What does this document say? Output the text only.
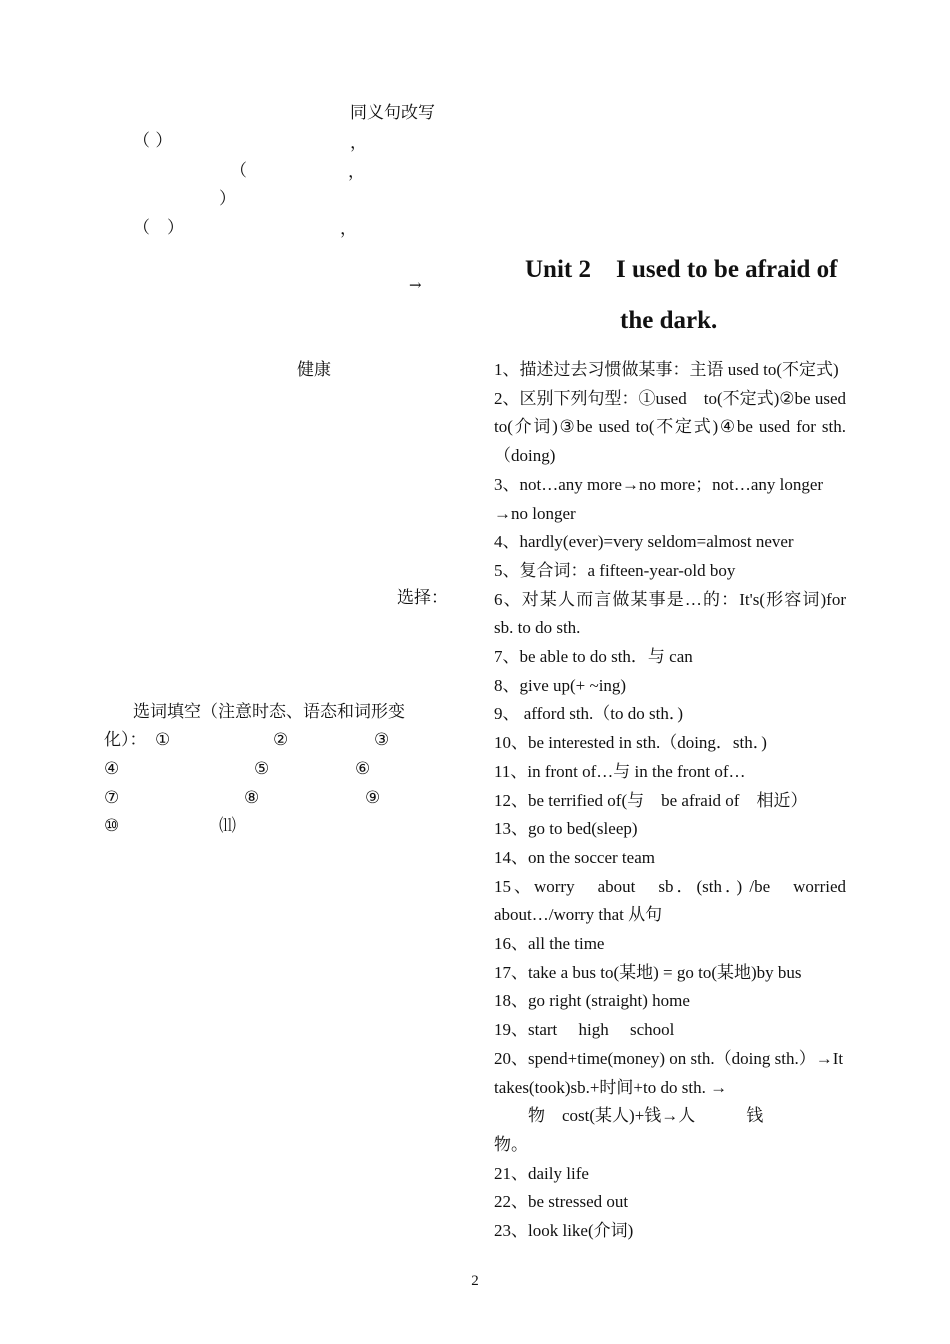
同义句改写
（ ）	，
（	，
）
（　）	，
→
健康
选择：
选词填空（注意时态、语态和词形变
化）： ①	②	③
④	⑤	⑥
⑦	⑧	⑨
⑩	⑾
Unit 2　I used to be afraid of
the dark.
1、描述过去习惯做某事：主语 used to(不定式)
2、区别下列句型：①used　to(不定式)②be used to(介词)③be used to(不定式)④be used for sth.（doing)
3、not…any more→no more；not…any longer →no longer
4、hardly(ever)=very seldom=almost never
5、复合词：a fifteen-year-old boy
6、对某人而言做某事是…的：It's(形容词)for sb. to do sth.
7、be able to do sth．与 can
8、give up(+ ~ing)
9、 afford sth.（to do sth．)
10、be interested in sth.（doing．sth．)
11、in front of…与 in the front of…
12、be terrified of(与　be afraid of　相近）
13、go to bed(sleep)
14、on the soccer team
15、worry　about　sb．(sth．) /be　worried about…/worry that 从句
16、all the time
17、take a bus to(某地) = go to(某地)by bus
18、go right (straight) home
19、start　 high　 school
20、spend+time(money) on sth.（doing sth.）→It takes(took)sb.+时间+to do sth. →
　　物　cost(某人)+钱→人　　　钱
物。
21、daily life
22、be stressed out
23、look like(介词)
2
